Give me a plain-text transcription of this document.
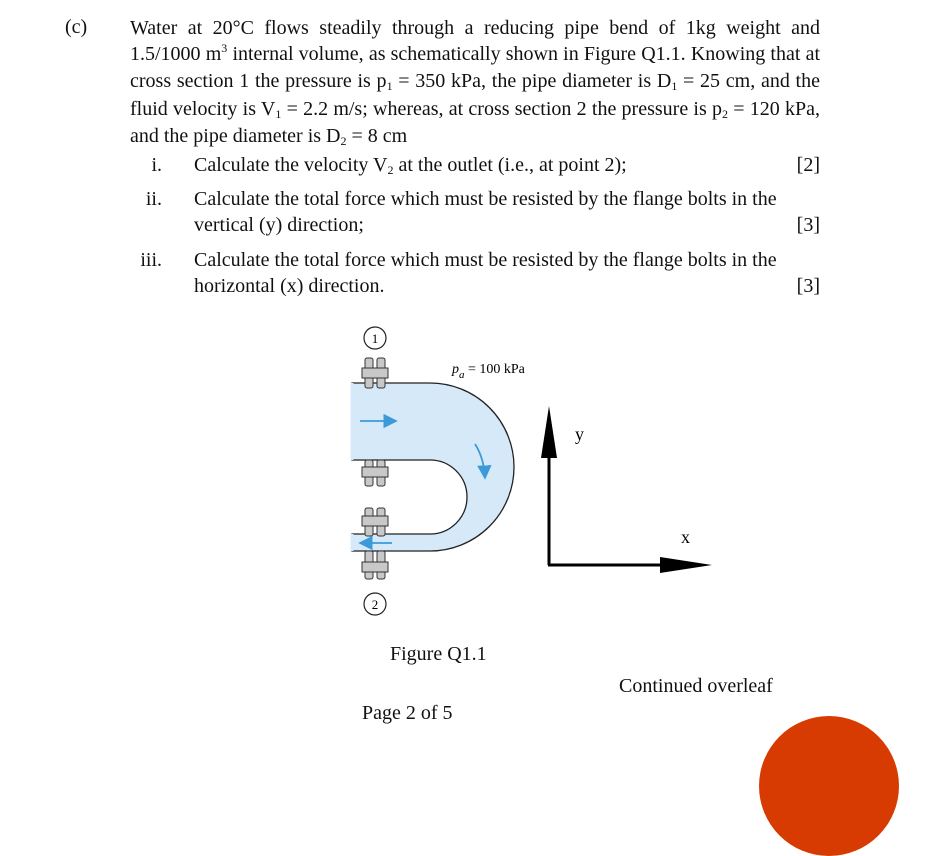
(c) Water at 20°C flows steadily through a reducing pipe bend of 1kg weight and 1.5/1000 $m^3$ internal volume, as schematically shown in Figure Q1.1. Knowing that at cross section 1 the pressure is $p_1 = 350$ kPa, the pipe diameter is $D_1 = 25$ cm, and the fluid velocity is $V_1 = 2.2$ m/s; whereas, at cross section 2 the pressure is $p_2 = 120$ kPa, and the pipe diameter is $D_2 = 8$ cm

i. Calculate the velocity $V_2$ at the outlet (i.e., at point 2);	[2]
ii. Calculate the total force which must be resisted by the flange bolts in the
vertical (y) direction;	[3]
iii. Calculate the total force which must be resisted by the flange bolts in the
horizontal (x) direction.	[3]
1
2
$p_a = 100$ kPa
y
x
Figure Q1.1
Continued overleaf
Page 2 of 5
